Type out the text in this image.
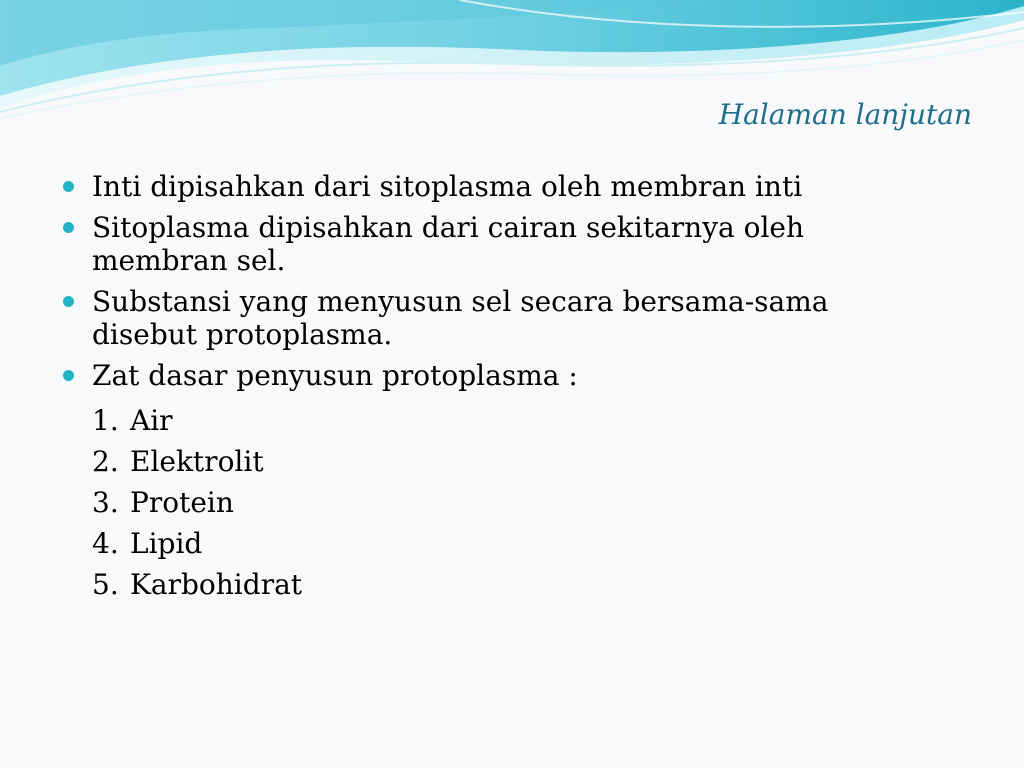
Halaman lanjutan
Inti dipisahkan dari sitoplasma oleh membran inti
Sitoplasma dipisahkan dari cairan sekitarnya oleh membran sel.
Substansi yang menyusun sel secara bersama-sama disebut protoplasma.
Zat dasar penyusun protoplasma :
1. Air
2. Elektrolit
3. Protein
4. Lipid
5. Karbohidrat
